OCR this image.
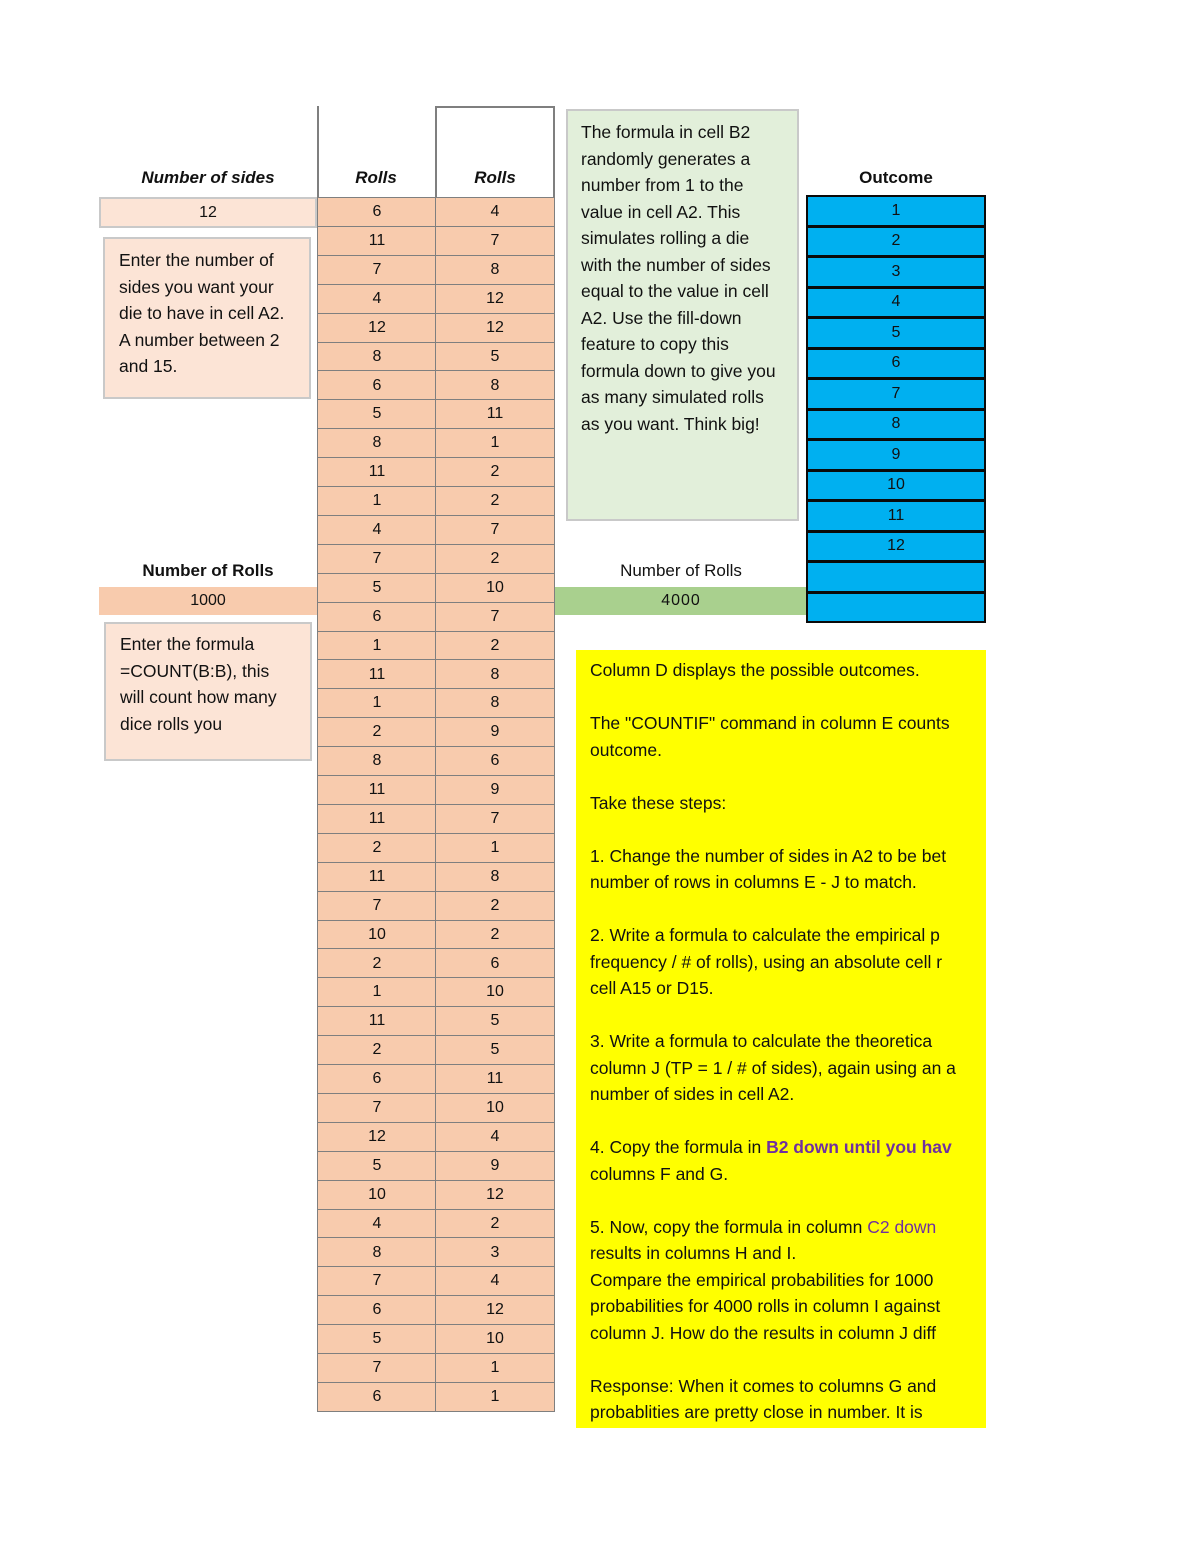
Number of sides
12
Enter the number of sides you want your die to have in cell A2. A number between 2 and 15.
Number of Rolls
1000
Enter the formula =COUNT(B:B), this will count how many dice rolls you
Rolls	Rolls
6	4
11	7
7	8
4	12
12	12
8	5
6	8
5	11
8	1
11	2
1	2
4	7
7	2
5	10
6	7
1	2
11	8
1	8
2	9
8	6
11	9
11	7
2	1
11	8
7	2
10	2
2	6
1	10
11	5
2	5
6	11
7	10
12	4
5	9
10	12
4	2
8	3
7	4
6	12
5	10
7	1
6	1
The formula in cell B2 randomly generates a number from 1 to the value in cell A2. This simulates rolling a die with the number of sides equal to the value in cell A2. Use the fill-down feature to copy this formula down to give you as many simulated rolls as you want. Think big!
Number of Rolls
4000
Outcome
1
2
3
4
5
6
7
8
9
10
11
12

Column D displays the possible outcomes.

The "COUNTIF" command in column E counts

outcome.

Take these steps:

1. Change the number of sides in A2 to be bet

number of rows in columns E - J to match.

2. Write a formula to calculate the empirical p

frequency / # of rolls), using an absolute cell r

cell A15 or D15.

3. Write a formula to calculate the theoretica

column J (TP = 1 / # of sides), again using an a

number of sides in cell A2.

4. Copy the formula in B2 down until you hav

columns F and G.

5. Now, copy the formula in column C2 down

results in columns H and I.

Compare the empirical probabilities for 1000

probabilities for 4000 rolls in column I against

column J. How do the results in column J diff

Response: When it comes to columns G and

probablities are pretty close in number. It is
